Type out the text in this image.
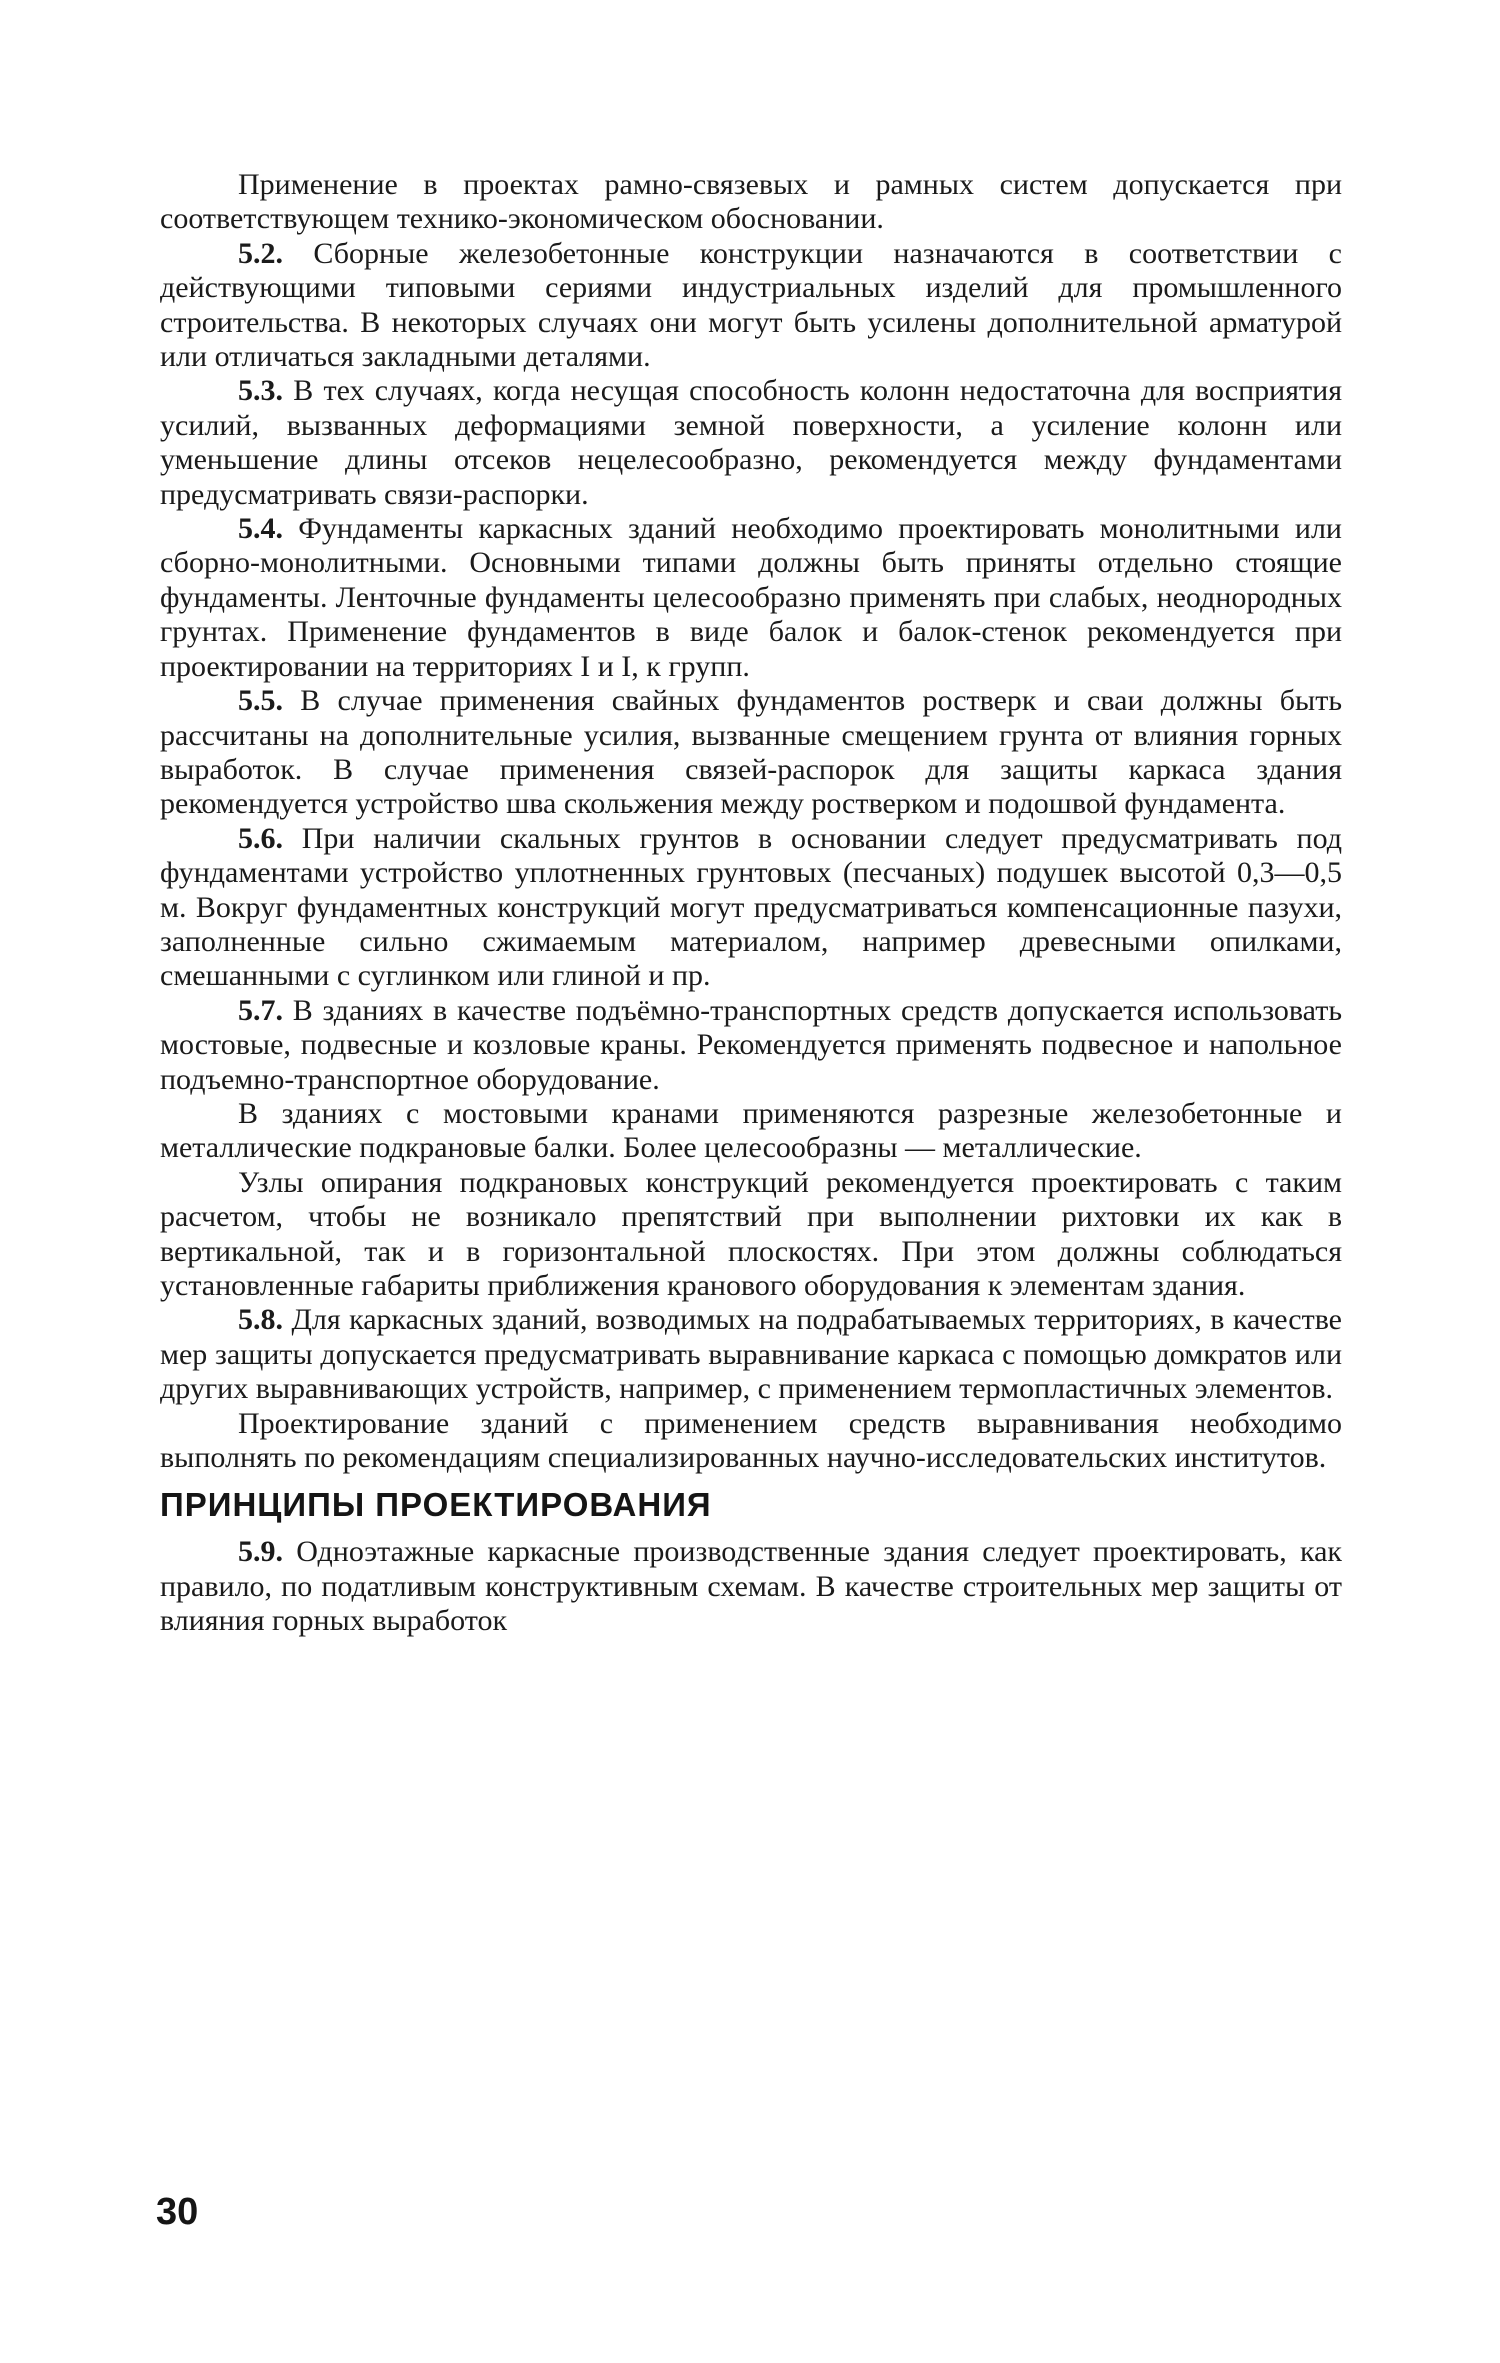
Применение в проектах рамно-связевых и рамных систем допускается при соответствующем технико-экономическом обосновании.

5.2. Сборные железобетонные конструкции назначаются в соответствии с действующими типовыми сериями индустриальных изделий для промышленного строительства. В некоторых случаях они могут быть усилены дополнительной арматурой или отличаться закладными деталями.

5.3. В тех случаях, когда несущая способность колонн недостаточна для восприятия усилий, вызванных деформациями земной поверхности, а усиление колонн или уменьшение длины отсеков нецелесообразно, рекомендуется между фундаментами предусматривать связи-распорки.

5.4. Фундаменты каркасных зданий необходимо проектировать монолитными или сборно-монолитными. Основными типами должны быть приняты отдельно стоящие фундаменты. Ленточные фундаменты целесообразно применять при слабых, неоднородных грунтах. Применение фундаментов в виде балок и балок-стенок рекомендуется при проектировании на территориях I и I, к групп.

5.5. В случае применения свайных фундаментов ростверк и сваи должны быть рассчитаны на дополнительные усилия, вызванные смещением грунта от влияния горных выработок. В случае применения связей-распорок для защиты каркаса здания рекомендуется устройство шва скольжения между ростверком и подошвой фундамента.

5.6. При наличии скальных грунтов в основании следует предусматривать под фундаментами устройство уплотненных грунтовых (песчаных) подушек высотой 0,3—0,5 м. Вокруг фундаментных конструкций могут предусматриваться компенсационные пазухи, заполненные сильно сжимаемым материалом, например древесными опилками, смешанными с суглинком или глиной и пр.

5.7. В зданиях в качестве подъёмно-транспортных средств допускается использовать мостовые, подвесные и козловые краны. Рекомендуется применять подвесное и напольное подъемно-транспортное оборудование.

В зданиях с мостовыми кранами применяются разрезные железобетонные и металлические подкрановые балки. Более целесообразны — металлические.

Узлы опирания подкрановых конструкций рекомендуется проектировать с таким расчетом, чтобы не возникало препятствий при выполнении рихтовки их как в вертикальной, так и в горизонтальной плоскостях. При этом должны соблюдаться установленные габариты приближения кранового оборудования к элементам здания.

5.8. Для каркасных зданий, возводимых на подрабатываемых территориях, в качестве мер защиты допускается предусматривать выравнивание каркаса с помощью домкратов или других выравнивающих устройств, например, с применением термопластичных элементов.

Проектирование зданий с применением средств выравнивания необходимо выполнять по рекомендациям специализированных научно-исследовательских институтов.

ПРИНЦИПЫ ПРОЕКТИРОВАНИЯ

5.9. Одноэтажные каркасные производственные здания следует проектировать, как правило, по податливым конструктивным схемам. В качестве строительных мер защиты от влияния горных выработок

30
